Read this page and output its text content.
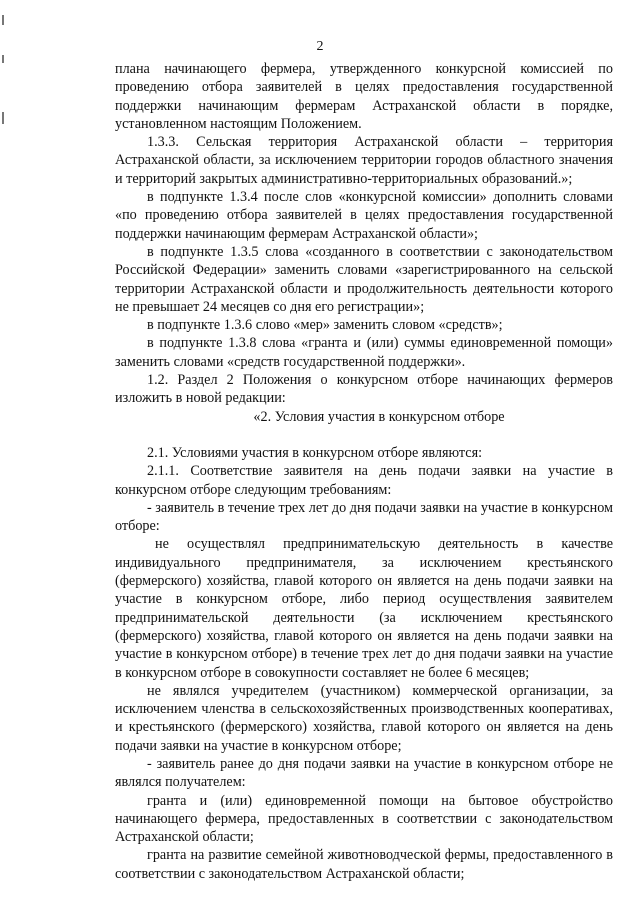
2

плана начинающего фермера, утвержденного конкурсной комиссией по проведению отбора заявителей в целях предоставления государственной поддержки начинающим фермерам Астраханской области в порядке, установленном настоящим Положением.

1.3.3. Сельская территория Астраханской области – территория Астраханской области, за исключением территории городов областного значения и территорий закрытых административно-территориальных образований.»;

в подпункте 1.3.4 после слов «конкурсной комиссии» дополнить словами «по проведению отбора заявителей в целях предоставления государственной поддержки начинающим фермерам Астраханской области»;

в подпункте 1.3.5 слова «созданного в соответствии с законодательством Российской Федерации» заменить словами «зарегистрированного на сельской территории Астраханской области и продолжительность деятельности которого не превышает 24 месяцев со дня его регистрации»;

в подпункте 1.3.6 слово «мер» заменить словом «средств»;

в подпункте 1.3.8 слова «гранта и (или) суммы единовременной помощи» заменить словами «средств государственной поддержки».

1.2. Раздел 2 Положения о конкурсном отборе начинающих фермеров изложить в новой редакции:

«2. Условия участия в конкурсном отборе

2.1. Условиями участия в конкурсном отборе являются:

2.1.1. Соответствие заявителя на день подачи заявки на участие в конкурсном отборе следующим требованиям:

- заявитель в течение трех лет до дня подачи заявки на участие в конкурсном отборе:

не осуществлял предпринимательскую деятельность в качестве индивидуального предпринимателя, за исключением крестьянского (фермерского) хозяйства, главой которого он является на день подачи заявки на участие в конкурсном отборе, либо период осуществления заявителем предпринимательской деятельности (за исключением крестьянского (фермерского) хозяйства, главой которого он является на день подачи заявки на участие в конкурсном отборе) в течение трех лет до дня подачи заявки на участие в конкурсном отборе в совокупности составляет не более 6 месяцев;

не являлся учредителем (участником) коммерческой организации, за исключением членства в сельскохозяйственных производственных кооперативах, и крестьянского (фермерского) хозяйства, главой которого он является на день подачи заявки на участие в конкурсном отборе;

- заявитель ранее до дня подачи заявки на участие в конкурсном отборе не являлся получателем:

гранта и (или) единовременной помощи на бытовое обустройство начинающего фермера, предоставленных в соответствии с законодательством Астраханской области;

гранта на развитие семейной животноводческой фермы, предоставленного в соответствии с законодательством Астраханской области;
